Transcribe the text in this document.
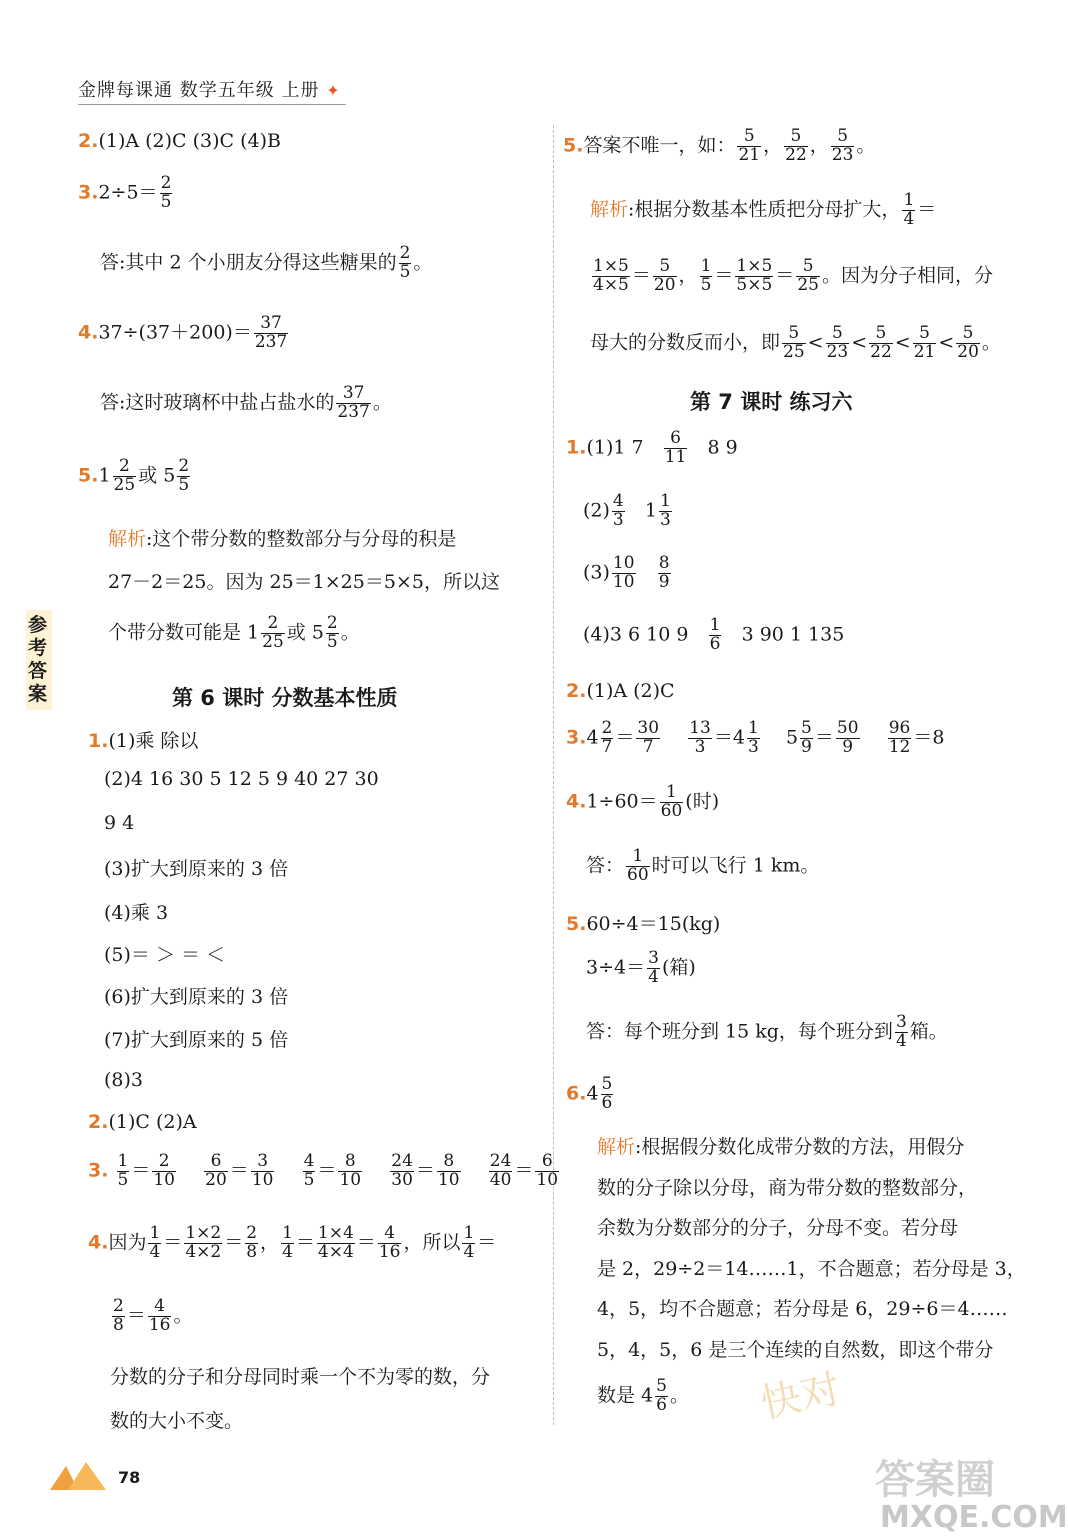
金牌每课通 数学五年级 上册 ✦
参考答案
2.(1)A (2)C (3)C (4)B
$3.2\div 5= \frac{2}{5}$
答:其中 2 个小朋友分得这些糖果的 $\frac{2}{5}$ 。
$4.37\div(37+200)= \frac{37}{237}$
答:这时玻璃杯中盐占盐水的 $\frac{37}{237}$ 。
$5.1 \frac{2}{25}$ 或 $5 \frac{2}{5}$
解析:这个带分数的整数部分与分母的积是
27－2＝25。因为 25＝1×25＝5×5，所以这
个带分数可能是 $1 \frac{2}{25}$ 或 $5 \frac{2}{5}$ 。
第 6 课时 分数基本性质
1.(1)乘 除以
(2)4 16 30 5 12 5 9 40 27 30
9 4
(3)扩大到原来的 3 倍
(4)乘 3
(5)＝ ＞ ＝ ＜
(6)扩大到原来的 3 倍
(7)扩大到原来的 5 倍
(8)3
2.(1)C (2)A
3. $\frac{1}{5} = \frac{2}{10}$
$\frac{6}{20} = \frac{3}{10}$
$\frac{4}{5} = \frac{8}{10}$
$\frac{24}{30} = \frac{8}{10}$
$\frac{24}{40} = \frac{6}{10}$
4.因为 $\frac{1}{4} = \frac{1\times 2}{4\times 2} = \frac{2}{8}$ ， $\frac{1}{4} = \frac{1\times 4}{4\times 4} = \frac{4}{16}$ ，所以 $\frac{1}{4}$ ＝
$\frac{2}{8} = \frac{4}{16}$ 。
分数的分子和分母同时乘一个不为零的数，分
数的大小不变。
5.答案不唯一，如： $\frac{5}{21}$ ， $\frac{5}{22}$ ， $\frac{5}{23}$ 。
解析:根据分数基本性质把分母扩大， $\frac{1}{4}$ ＝
$\frac{1\times 5}{4\times 5} = \frac{5}{20}$ ， $\frac{1}{5} = \frac{1\times 5}{5\times 5} = \frac{5}{25}$ 。因为分子相同，分
母大的分数反而小，即 $\frac{5}{25} < \frac{5}{23} < \frac{5}{22} < \frac{5}{21} < \frac{5}{20}$ 。
第 7 课时 练习六
1.(1)1 $7 \frac{6}{11} 8$ 9
$(2) \frac{4}{3} 1 \frac{1}{3}$
$(3) \frac{10}{10}$
$\frac{8}{9}$
(4)3 6 10 $9 \frac{1}{6} 3$ 90 1 135
2.(1)A (2)C
$3.4 \frac{2}{7} = \frac{30}{7}$
$\frac{13}{3} =4 \frac{1}{3} 5 \frac{5}{9} = \frac{50}{9}$
$\frac{96}{12} =8$
$4.1\div 60= \frac{1}{60}$ (时)
答： $\frac{1}{60}$ 时可以飞行 1 km。
5.60÷4＝15(kg)
$3\div 4= \frac{3}{4}$ (箱)
答：每个班分到 15 kg，每个班分到 $\frac{3}{4}$ 箱。
$6.4 \frac{5}{6}$
解析:根据假分数化成带分数的方法，用假分
数的分子除以分母，商为带分数的整数部分，
余数为分数部分的分子，分母不变。若分母
是 2，29÷2＝14……1，不合题意；若分母是 3，
4，5，均不合题意；若分母是 6，29÷6＝4……
5，4，5，6 是三个连续的自然数，即这个带分
数是 $4 \frac{5}{6}$ 。
78
快对
答案圈
MXQE.COM
